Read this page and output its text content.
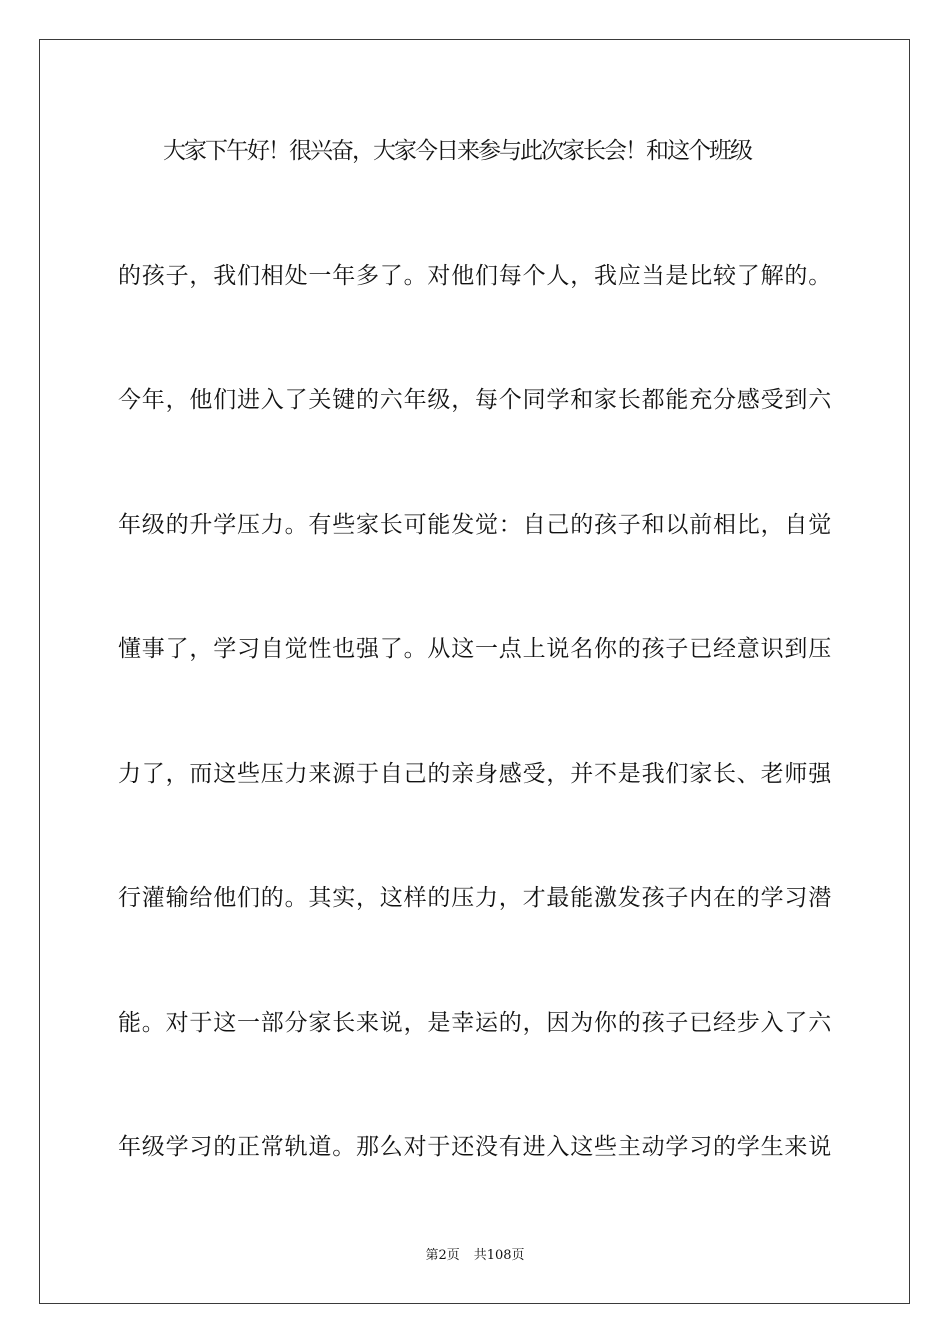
大家下午好！很兴奋，大家今日来参与此次家长会！和这个班级
的孩子，我们相处一年多了。对他们每个人，我应当是比较了解的。
今年，他们进入了关键的六年级，每个同学和家长都能充分感受到六
年级的升学压力。有些家长可能发觉：自己的孩子和以前相比，自觉
懂事了，学习自觉性也强了。从这一点上说名你的孩子已经意识到压
力了，而这些压力来源于自己的亲身感受，并不是我们家长、老师强
行灌输给他们的。其实，这样的压力，才最能激发孩子内在的学习潜
能。对于这一部分家长来说，是幸运的，因为你的孩子已经步入了六
年级学习的正常轨道。那么对于还没有进入这些主动学习的学生来说
第2页 共108页
